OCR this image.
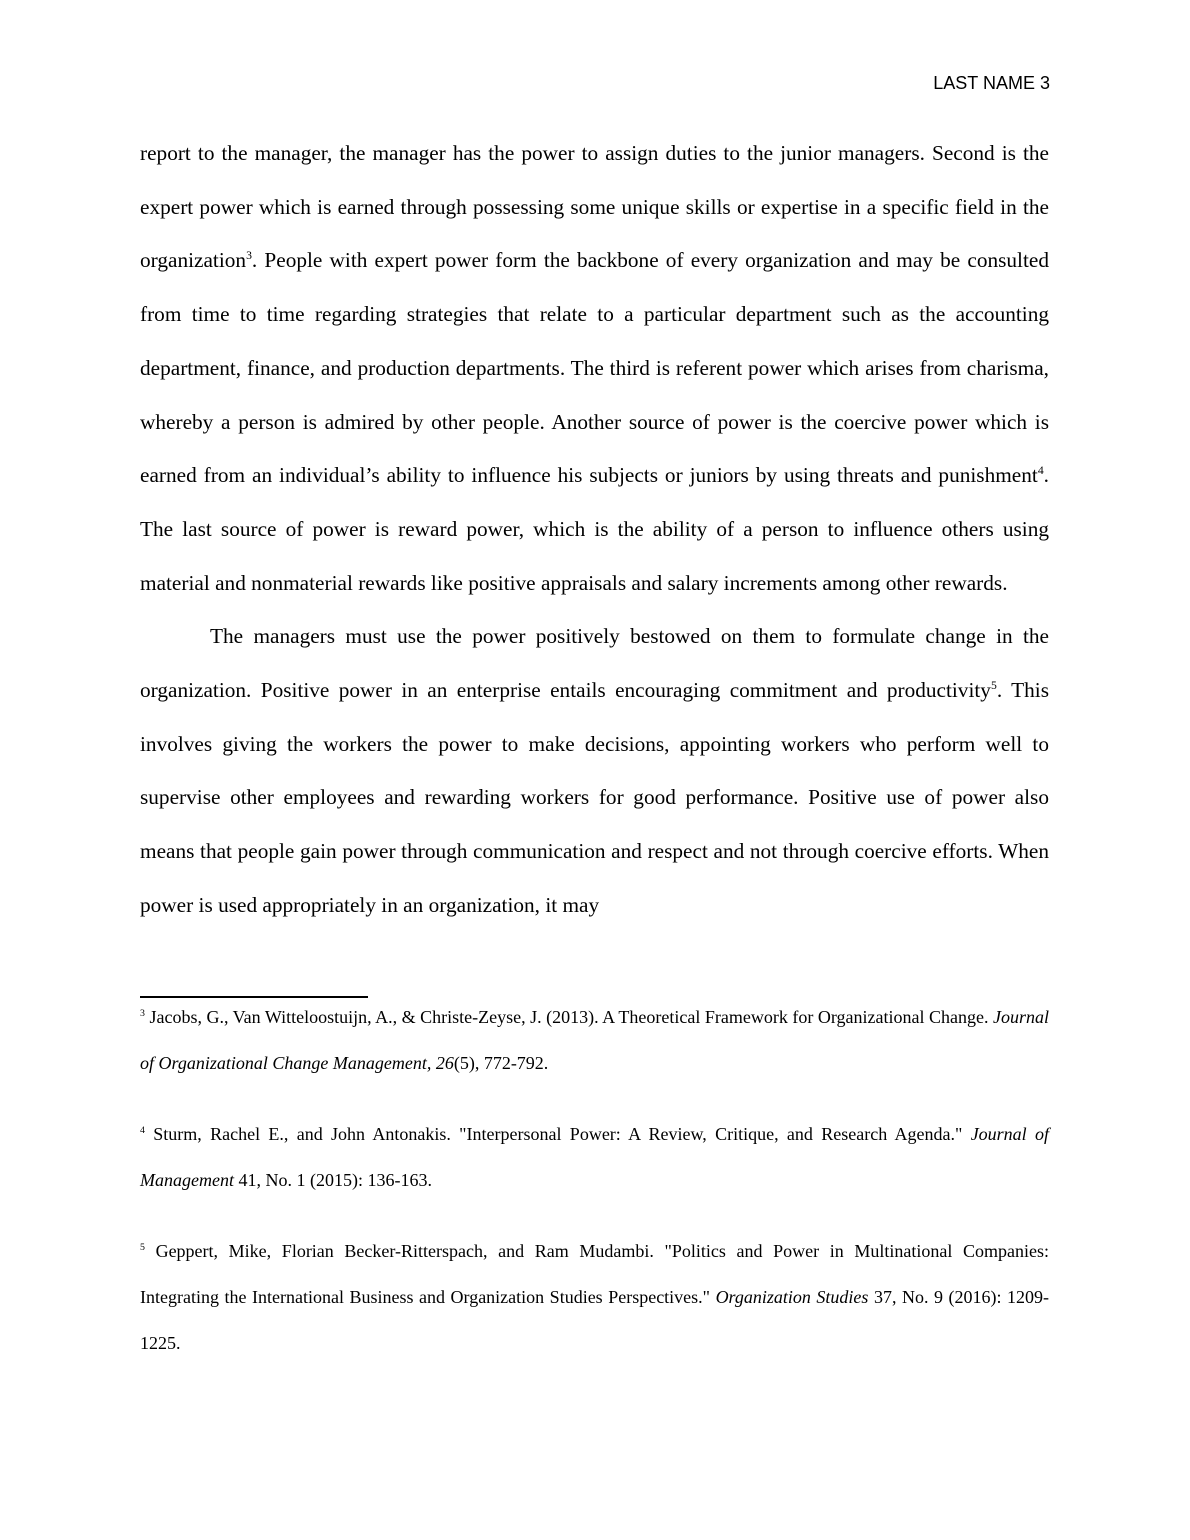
LAST NAME 3

report to the manager, the manager has the power to assign duties to the junior managers. Second is the expert power which is earned through possessing some unique skills or expertise in a specific field in the organization$^3$. People with expert power form the backbone of every organization and may be consulted from time to time regarding strategies that relate to a particular department such as the accounting department, finance, and production departments. The third is referent power which arises from charisma, whereby a person is admired by other people. Another source of power is the coercive power which is earned from an individual’s ability to influence his subjects or juniors by using threats and punishment$^4$. The last source of power is reward power, which is the ability of a person to influence others using material and nonmaterial rewards like positive appraisals and salary increments among other rewards.

The managers must use the power positively bestowed on them to formulate change in the organization. Positive power in an enterprise entails encouraging commitment and productivity$^5$. This involves giving the workers the power to make decisions, appointing workers who perform well to supervise other employees and rewarding workers for good performance. Positive use of power also means that people gain power through communication and respect and not through coercive efforts. When power is used appropriately in an organization, it may

$^3$ Jacobs, G., Van Witteloostuijn, A., & Christe-Zeyse, J. (2013). A Theoretical Framework for Organizational Change. Journal of Organizational Change Management, 26(5), 772-792.

$^4$ Sturm, Rachel E., and John Antonakis. "Interpersonal Power: A Review, Critique, and Research Agenda." Journal of Management 41, No. 1 (2015): 136-163.

$^5$ Geppert, Mike, Florian Becker-Ritterspach, and Ram Mudambi. "Politics and Power in Multinational Companies: Integrating the International Business and Organization Studies Perspectives." Organization Studies 37, No. 9 (2016): 1209-1225.
